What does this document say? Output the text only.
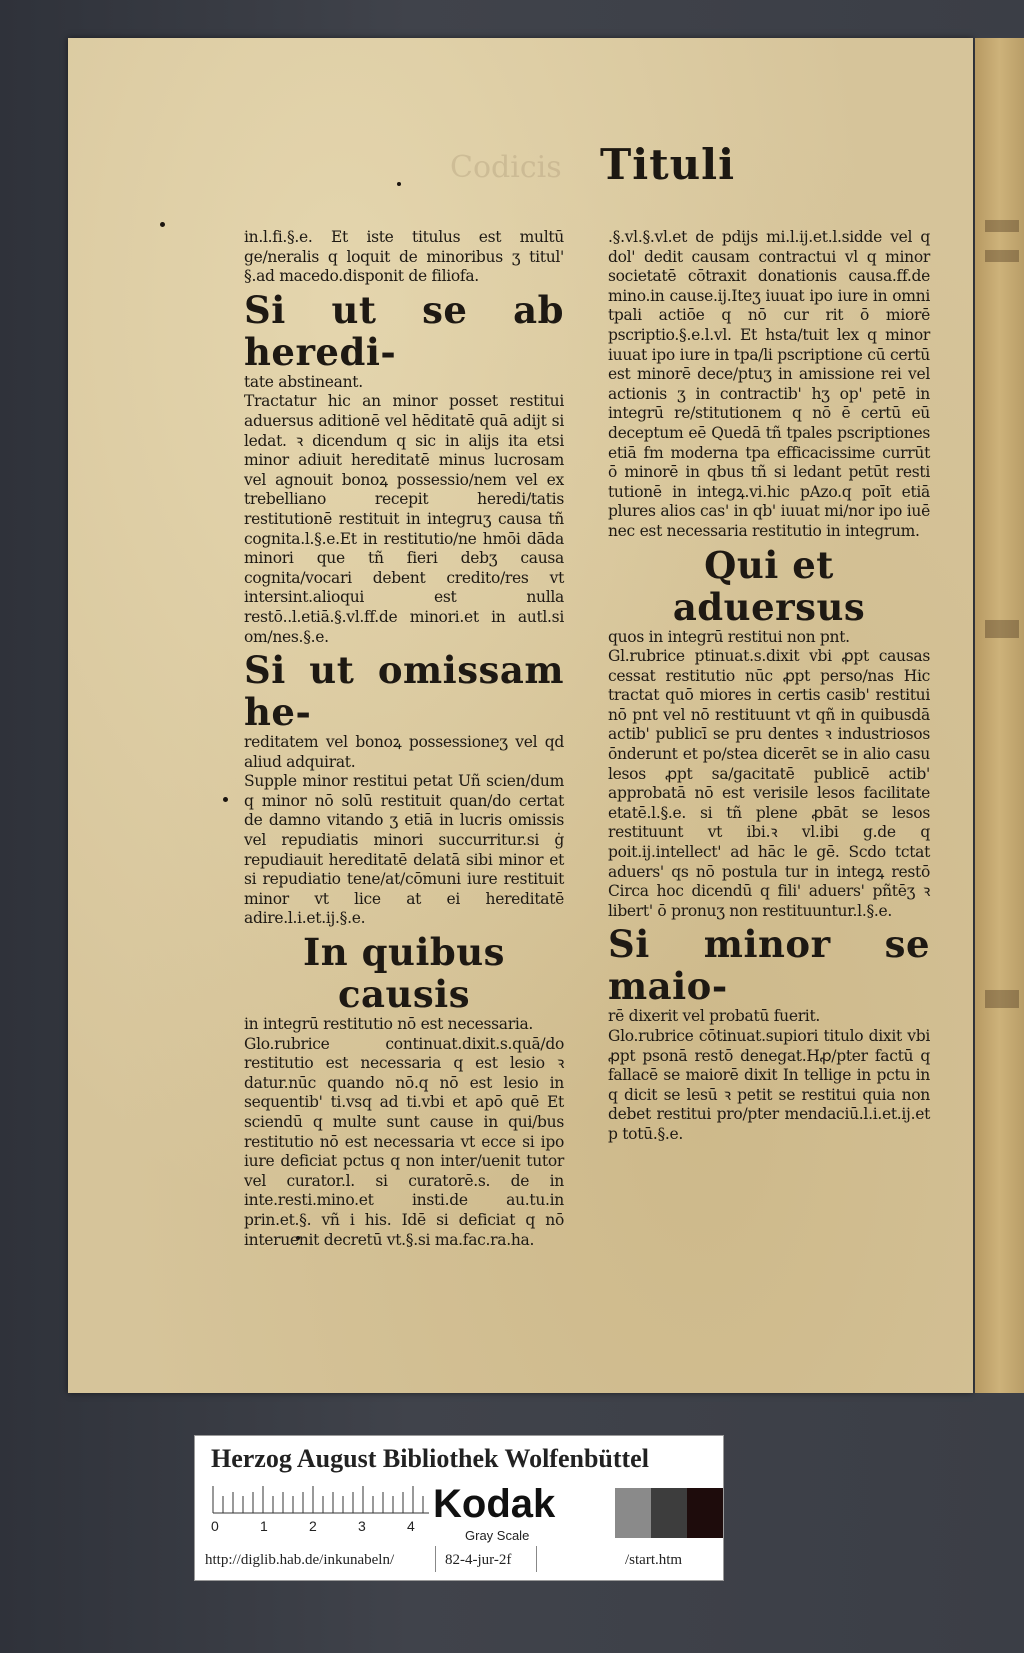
Codicis Tituli

in.l.fi.§.e. Et iste titulus est multū ge/neralis q loquit de minoribus ʒ titul' §.ad macedo.disponit de filiofa.

Si ut se ab heredi-

tate abstineant.

Tractatur hic an minor posset restitui aduersus aditionē vel hēditatē quā adijt si ledat. ꝛ dicendum q sic in alijs ita etsi minor adiuit hereditatē minus lucrosam vel agnouit bonoꝝ possessio/nem vel ex trebelliano recepit heredi/tatis restitutionē restituit in integruʒ causa tñ cognita.l.§.e.Et in restitutio/ne hmōi dāda minori que tñ fieri debʒ causa cognita/vocari debent credito/res vt intersint.alioqui est nulla restō..l.etiā.§.vl.ff.de minori.et in autl.si om/nes.§.e.

Si ut omissam he-

reditatem vel bonoꝝ possessioneʒ vel qd aliud adquirat.

Supple minor restitui petat Uñ scien/dum q minor nō solū restituit quan/do certat de damno vitando ʒ etiā in lucris omissis vel repudiatis minori succurritur.si ġ repudiauit hereditatē delatā sibi minor et si repudiatio tene/at/cōmuni iure restituit minor vt lice at ei hereditatē adire.l.i.et.ij.§.e.

In quibus causis

in integrū restitutio nō est necessaria.

Glo.rubrice continuat.dixit.s.quā/do restitutio est necessaria q est lesio ꝛ datur.nūc quando nō.q nō est lesio in sequentib' ti.vsq ad ti.vbi et apō quē Et sciendū q multe sunt cause in qui/bus restitutio nō est necessaria vt ecce si ipo iure deficiat pctus q non inter/uenit tutor vel curator.l. si curatorē.s. de in inte.resti.mino.et insti.de au.tu.in prin.et.§. vñ i his. Idē si deficiat q nō interuenit decretū vt.§.si ma.fac.ra.ha.

.§.vl.§.vl.et de pdijs mi.l.ij.et.l.sidde vel q dol' dedit causam contractui vl q minor societatē cōtraxit donationis causa.ff.de mino.in cause.ij.Iteʒ iuuat ipo iure in omni tpali actiōe q nō cur rit ō miorē pscriptio.§.e.l.vl. Et hsta/tuit lex q minor iuuat ipo iure in tpa/li pscriptione cū certū est minorē dece/ptuʒ in amissione rei vel actionis ʒ in contractib' hʒ op' petē in integrū re/stitutionem q nō ē certū eū deceptum eē Quedā tñ tpales pscriptiones etiā fm moderna tpa efficacissime currūt ō minorē in qbus tñ si ledant petūt resti tutionē in integꝝ.vi.hic pAzo.q poīt etiā plures alios cas' in qb' iuuat mi/nor ipo iuē nec est necessaria restitutio in integrum.

Qui et aduersus

quos in integrū restitui non pnt.

Gl.rubrice ptinuat.s.dixit vbi ꝓpt causas cessat restitutio nūc ꝓpt perso/nas Hic tractat quō miores in certis casib' restitui nō pnt vel nō restituunt vt qñ in quibusdā actib' publicī se pru dentes ꝛ industriosos ōnderunt et po/stea dicerēt se in alio casu lesos ꝓpt sa/gacitatē publicē actib' approbatā nō est verisile lesos facilitate etatē.l.§.e. si tñ plene ꝓbāt se lesos restituunt vt ibi.ꝛ vl.ibi g.de q poit.ij.intellect' ad hāc le gē. Scdo tctat aduers' qs nō postula tur in integꝝ restō Circa hoc dicendū q fili' aduers' pñtēʒ ꝛ libert' ō pronuʒ non restituuntur.l.§.e.

Si minor se maio-

rē dixerit vel probatū fuerit.

Glo.rubrice cōtinuat.supiori titulo dixit vbi ꝓpt psonā restō denegat.Hꝓ/pter factū q fallacē se maiorē dixit In tellige in pctu in q dicit se lesū ꝛ petit se restitui quia non debet restitui pro/pter mendaciū.l.i.et.ij.et p totū.§.e.

Herzog August Bibliothek Wolfenbüttel
0	1	2	3	4 Kodak
Gray Scale
http://diglib.hab.de/inkunabeln/	82-4-jur-2f	/start.htm
